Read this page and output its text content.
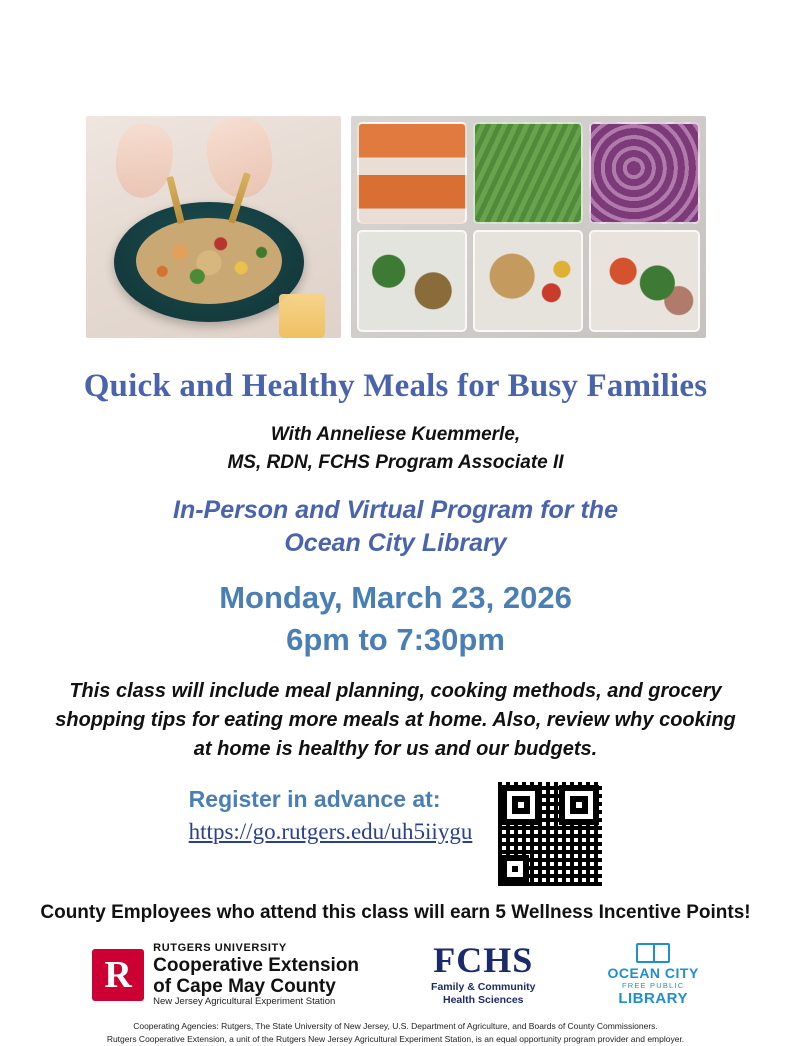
Quick and Healthy Meals for Busy Families
With Anneliese Kuemmerle,
MS, RDN, FCHS Program Associate II
In-Person and Virtual Program for the
Ocean City Library
Monday, March 23, 2026
6pm to 7:30pm

This class will include meal planning, cooking methods, and grocery shopping tips for eating more meals at home. Also, review why cooking at home is healthy for us and our budgets.

Register in advance at:
https://go.rutgers.edu/uh5iiygu
County Employees who attend this class will earn 5 Wellness Incentive Points!
R
RUTGERS UNIVERSITY
Cooperative Extension
of Cape May County
New Jersey Agricultural Experiment Station
FCHS
Family & Community
Health Sciences
OCEAN CITY
FREE PUBLIC
LIBRARY
Cooperating Agencies: Rutgers, The State University of New Jersey, U.S. Department of Agriculture, and Boards of County Commissioners.
Rutgers Cooperative Extension, a unit of the Rutgers New Jersey Agricultural Experiment Station, is an equal opportunity program provider and employer.
